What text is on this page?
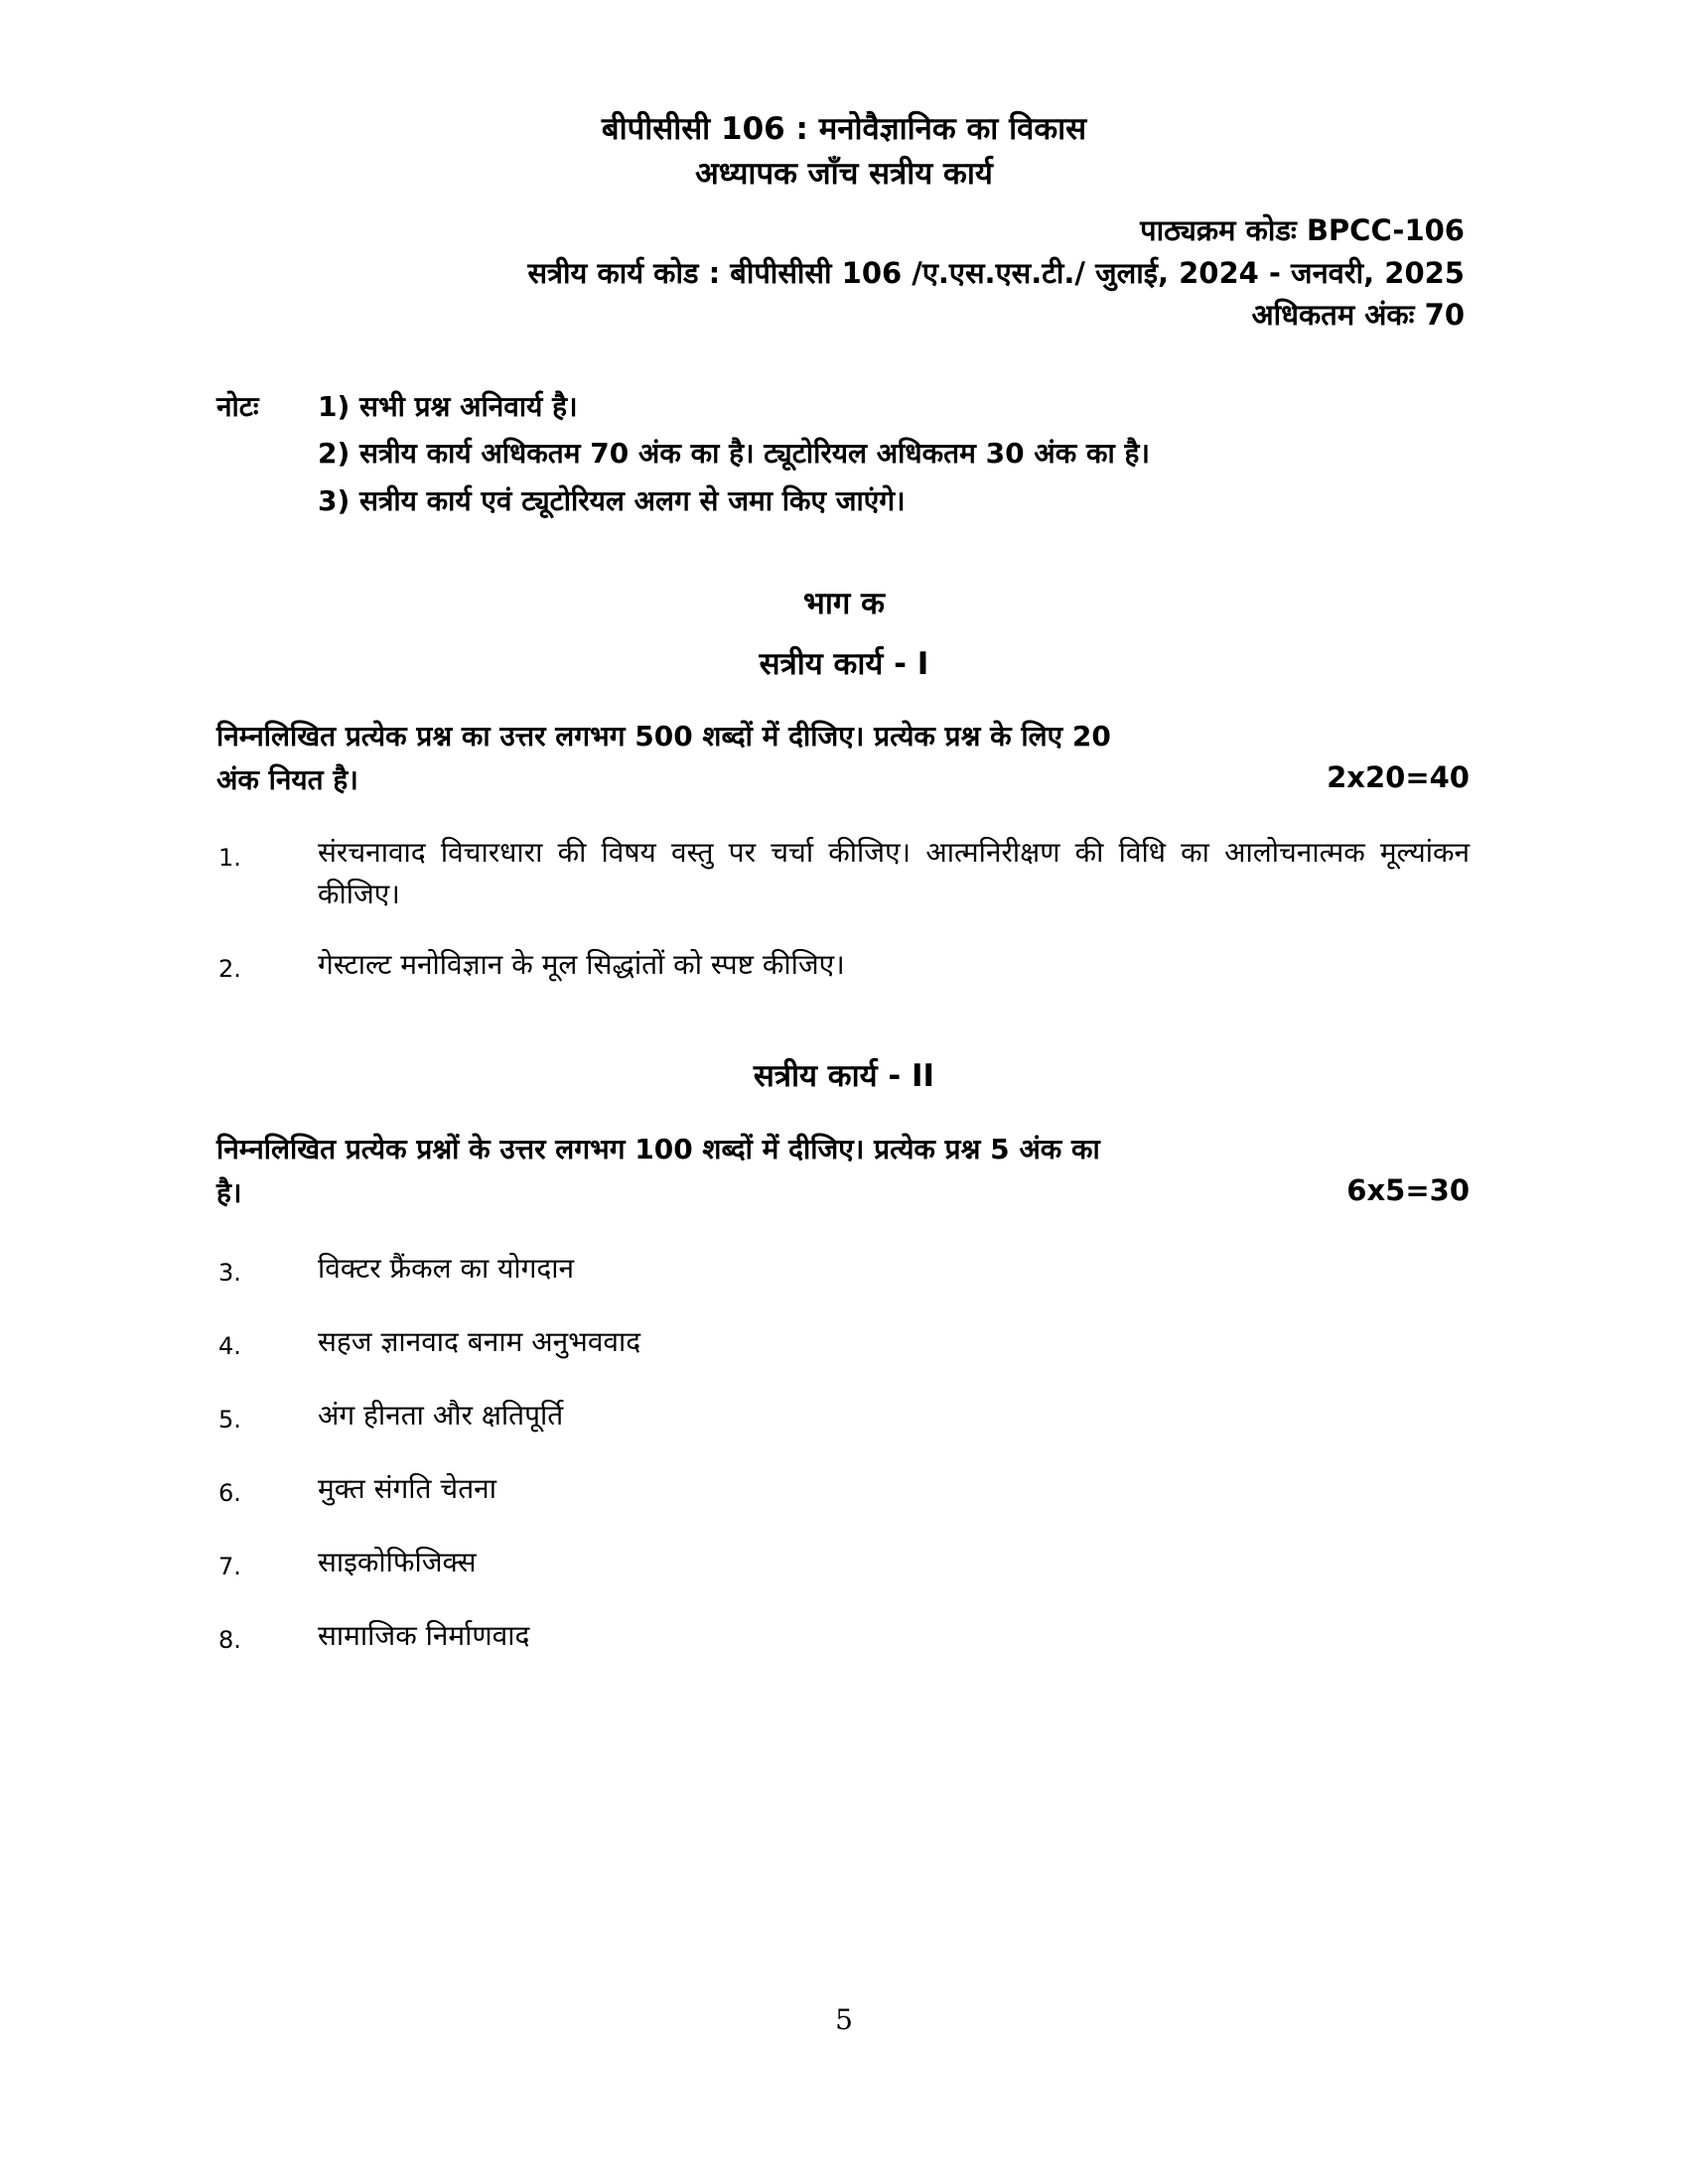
बीपीसीसी 106 : मनोवैज्ञानिक का विकास
अध्यापक जाँच सत्रीय कार्य
पाठ्यक्रम कोडः BPCC-106
सत्रीय कार्य कोड : बीपीसीसी 106 /ए.एस.एस.टी./ जुलाई, 2024 - जनवरी, 2025
अधिकतम अंकः 70
नोटः 1) सभी प्रश्न अनिवार्य है।
2) सत्रीय कार्य अधिकतम 70 अंक का है। ट्यूटोरियल अधिकतम 30 अंक का है।
3) सत्रीय कार्य एवं ट्यूटोरियल अलग से जमा किए जाएंगे।
भाग क
सत्रीय कार्य - I
निम्नलिखित प्रत्येक प्रश्न का उत्तर लगभग 500 शब्दों में दीजिए। प्रत्येक प्रश्न के लिए 20
अंक नियत है।	2x20=40
1.	संरचनावाद विचारधारा की विषय वस्तु पर चर्चा कीजिए। आत्मनिरीक्षण की विधि का आलोचनात्मक मूल्यांकन कीजिए।
2.	गेस्टाल्ट मनोविज्ञान के मूल सिद्धांतों को स्पष्ट कीजिए।
सत्रीय कार्य - II
निम्नलिखित प्रत्येक प्रश्नों के उत्तर लगभग 100 शब्दों में दीजिए। प्रत्येक प्रश्न 5 अंक का
है।	6x5=30
3.	विक्टर फ्रैंकल का योगदान
4.	सहज ज्ञानवाद बनाम अनुभववाद
5.	अंग हीनता और क्षतिपूर्ति
6.	मुक्त संगति चेतना
7.	साइकोफिजिक्स
8.	सामाजिक निर्माणवाद
5
